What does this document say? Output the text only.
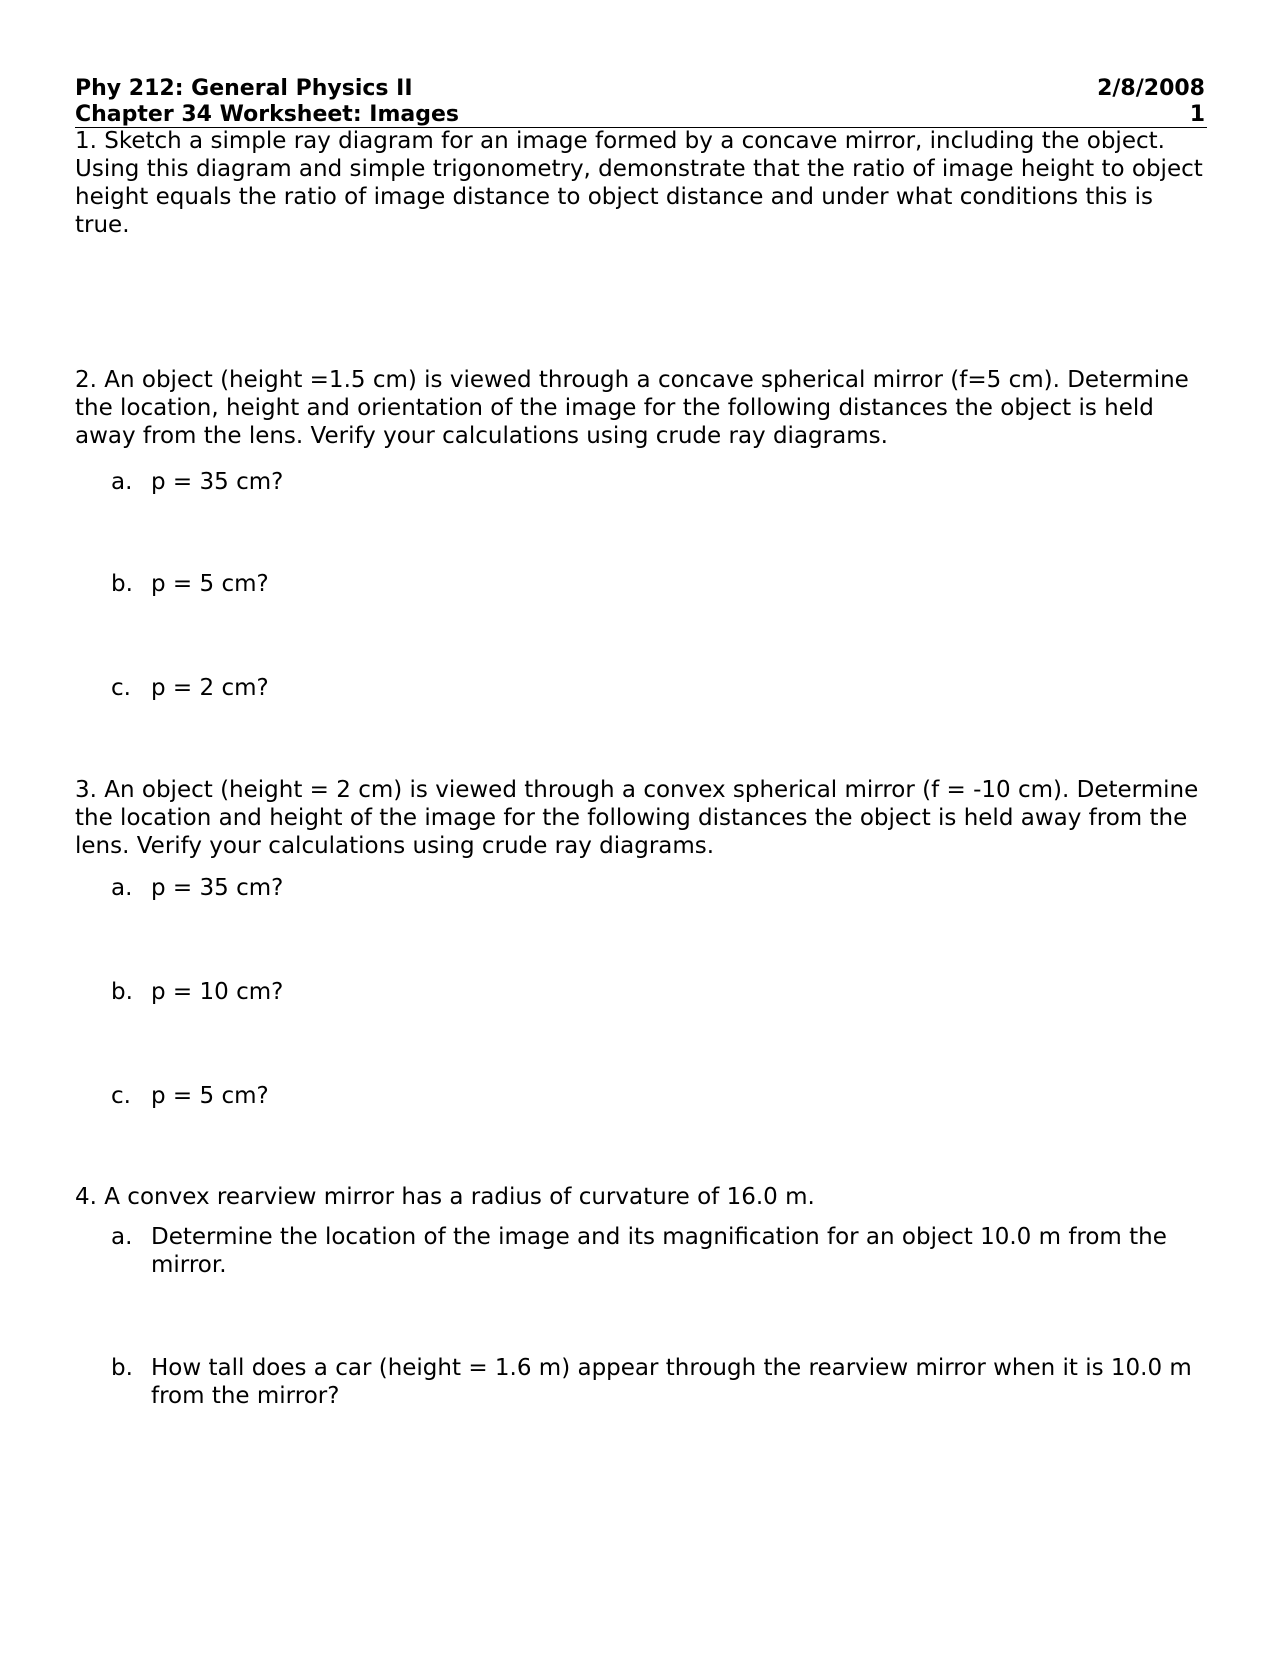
Phy 212: General Physics II	2/8/2008
Chapter 34 Worksheet: Images	1

1. Sketch a simple ray diagram for an image formed by a concave mirror, including the object. Using this diagram and simple trigonometry, demonstrate that the ratio of image height to object height equals the ratio of image distance to object distance and under what conditions this is true.

2. An object (height =1.5 cm) is viewed through a concave spherical mirror (f=5 cm). Determine the location, height and orientation of the image for the following distances the object is held away from the lens. Verify your calculations using crude ray diagrams.

a. p = 35 cm?
b. p = 5 cm?
c. p = 2 cm?

3. An object (height = 2 cm) is viewed through a convex spherical mirror (f = -10 cm). Determine the location and height of the image for the following distances the object is held away from the lens. Verify your calculations using crude ray diagrams.

a. p = 35 cm?
b. p = 10 cm?
c. p = 5 cm?

4. A convex rearview mirror has a radius of curvature of 16.0 m.

a. Determine the location of the image and its magnification for an object 10.0 m from the mirror.
b. How tall does a car (height = 1.6 m) appear through the rearview mirror when it is 10.0 m from the mirror?
